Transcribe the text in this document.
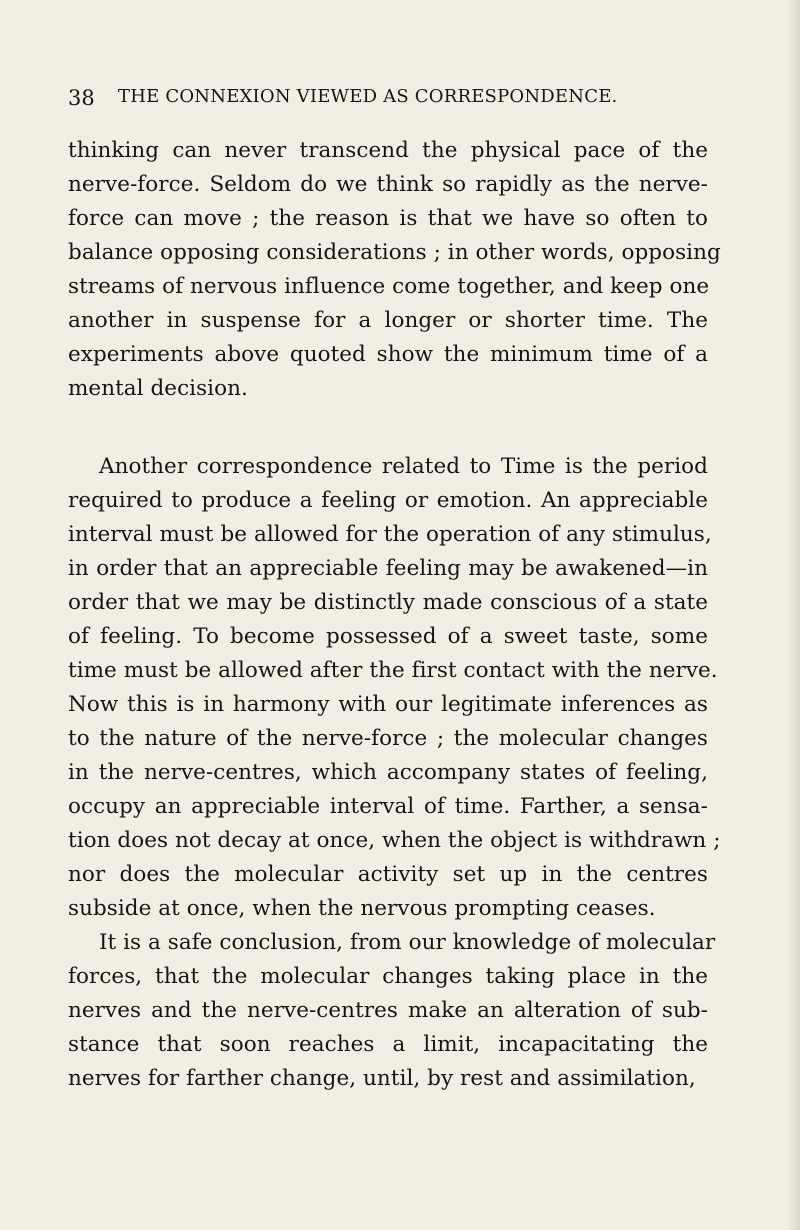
38 THE CONNEXION VIEWED AS CORRESPONDENCE.
thinking can never transcend the physical pace of the
nerve-force. Seldom do we think so rapidly as the nerve-
force can move ; the reason is that we have so often to
balance opposing considerations ; in other words, opposing
streams of nervous influence come together, and keep one
another in suspense for a longer or shorter time. The
experiments above quoted show the minimum time of a
mental decision.
Another correspondence related to Time is the period
required to produce a feeling or emotion. An appreciable
interval must be allowed for the operation of any stimulus,
in order that an appreciable feeling may be awakened—in
order that we may be distinctly made conscious of a state
of feeling. To become possessed of a sweet taste, some
time must be allowed after the first contact with the nerve.
Now this is in harmony with our legitimate inferences as
to the nature of the nerve-force ; the molecular changes
in the nerve-centres, which accompany states of feeling,
occupy an appreciable interval of time. Farther, a sensa-
tion does not decay at once, when the object is withdrawn ;
nor does the molecular activity set up in the centres
subside at once, when the nervous prompting ceases.
It is a safe conclusion, from our knowledge of molecular
forces, that the molecular changes taking place in the
nerves and the nerve-centres make an alteration of sub-
stance that soon reaches a limit, incapacitating the
nerves for farther change, until, by rest and assimilation,
